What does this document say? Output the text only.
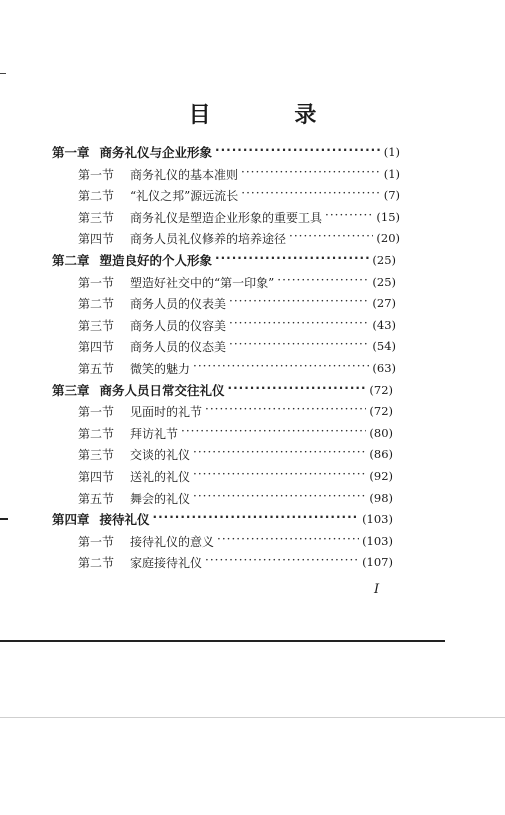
目 录
第一章 商务礼仪与企业形象 ·····	(1)
第一节 商务礼仪的基本准则 ·····	(1)
第二节 “礼仪之邦”源远流长 ·····	(7)
第三节 商务礼仪是塑造企业形象的重要工具 ·····	(15)
第四节 商务人员礼仪修养的培养途径 ·····	(20)
第二章 塑造良好的个人形象 ·····	(25)
第一节 塑造好社交中的“第一印象” ·····	(25)
第二节 商务人员的仪表美 ·····	(27)
第三节 商务人员的仪容美 ·····	(43)
第四节 商务人员的仪态美 ·····	(54)
第五节 微笑的魅力 ·····	(63)
第三章 商务人员日常交往礼仪 ·····	(72)
第一节 见面时的礼节 ·····	(72)
第二节 拜访礼节 ·····	(80)
第三节 交谈的礼仪 ·····	(86)
第四节 送礼的礼仪 ·····	(92)
第五节 舞会的礼仪 ·····	(98)
第四章 接待礼仪 ·····	(103)
第一节 接待礼仪的意义 ·····	(103)
第二节 家庭接待礼仪 ·····	(107)
I
